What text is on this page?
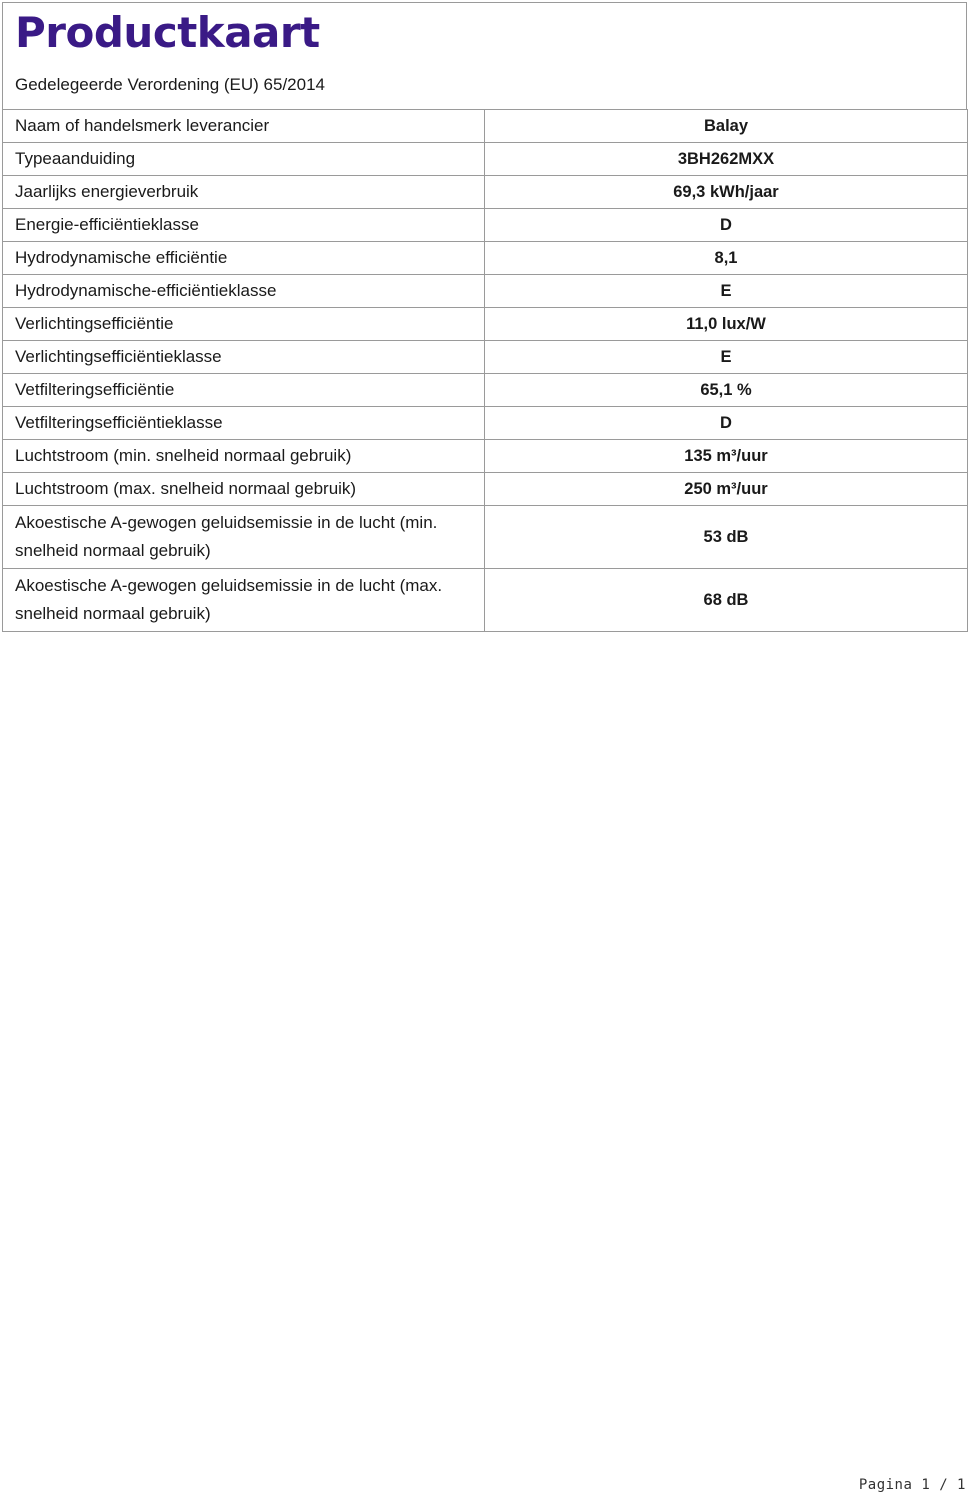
Productkaart
Gedelegeerde Verordening (EU) 65/2014
Naam of handelsmerk leverancier	Balay
Typeaanduiding	3BH262MXX
Jaarlijks energieverbruik	69,3 kWh/jaar
Energie-efficiëntieklasse	D
Hydrodynamische efficiëntie	8,1
Hydrodynamische-efficiëntieklasse	E
Verlichtingsefficiëntie	11,0 lux/W
Verlichtingsefficiëntieklasse	E
Vetfilteringsefficiëntie	65,1 %
Vetfilteringsefficiëntieklasse	D
Luchtstroom (min. snelheid normaal gebruik)	135 m³/uur
Luchtstroom (max. snelheid normaal gebruik)	250 m³/uur
Akoestische A-gewogen geluidsemissie in de lucht (min. snelheid normaal gebruik)	53 dB
Akoestische A-gewogen geluidsemissie in de lucht (max. snelheid normaal gebruik)	68 dB
Pagina 1 / 1
